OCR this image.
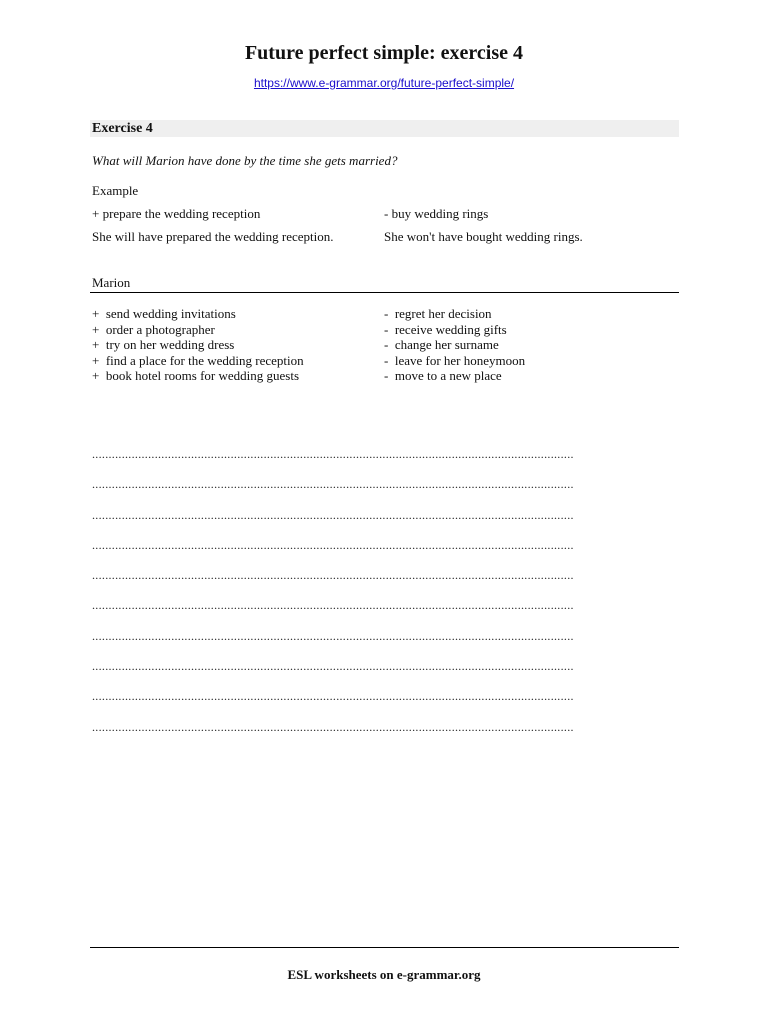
Future perfect simple: exercise 4
https://www.e-grammar.org/future-perfect-simple/
Exercise 4
What will Marion have done by the time she gets married?
Example
+ prepare the wedding reception	- buy wedding rings
She will have prepared the wedding reception.	She won't have bought wedding rings.
Marion
+  send wedding invitations
+  order a photographer
+  try on her wedding dress
+  find a place for the wedding reception
+  book hotel rooms for wedding guests
-  regret her decision
-  receive wedding gifts
-  change her surname
-  leave for her honeymoon
-  move to a new place
..................................................................................................................................................
..................................................................................................................................................
..................................................................................................................................................
..................................................................................................................................................
..................................................................................................................................................
..................................................................................................................................................
..................................................................................................................................................
..................................................................................................................................................
..................................................................................................................................................
..................................................................................................................................................
ESL worksheets on e-grammar.org
